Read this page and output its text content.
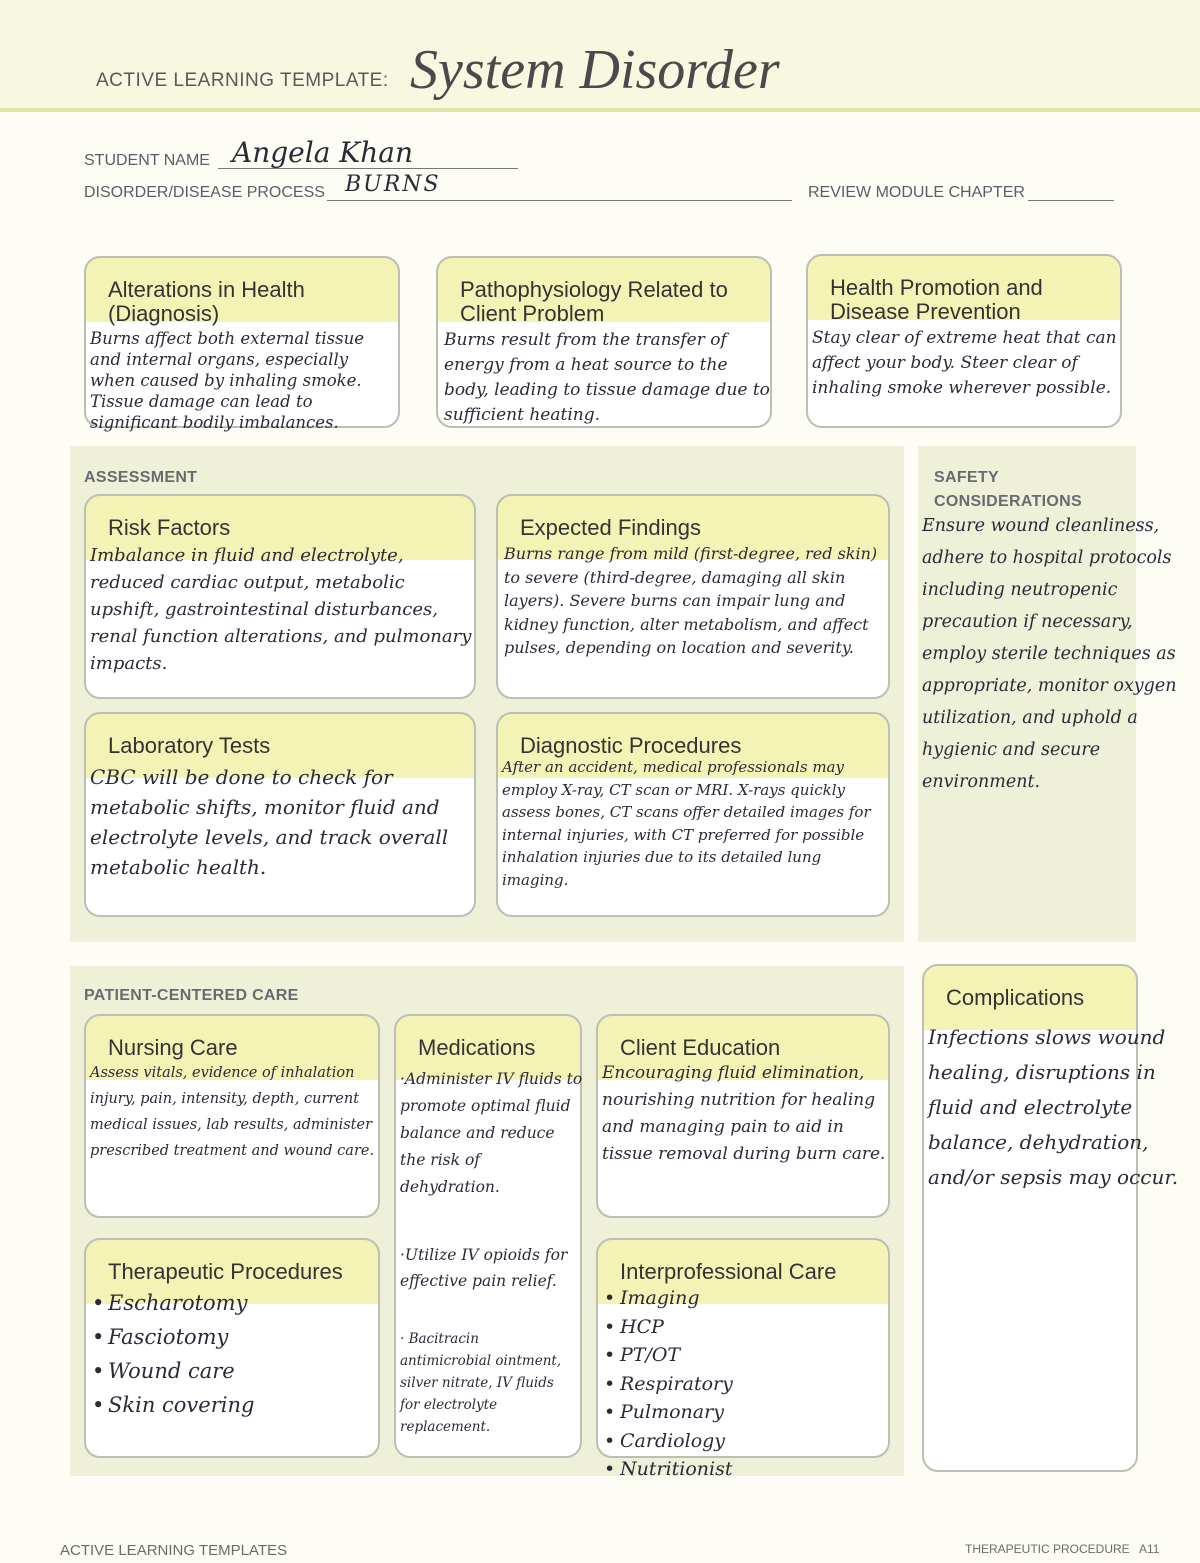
ACTIVE LEARNING TEMPLATE: System Disorder
STUDENT NAME Angela Khan
DISORDER/DISEASE PROCESS BURNS	REVIEW MODULE CHAPTER
Alterations in Health (Diagnosis)
Burns affect both external tissue and internal organs, especially when caused by inhaling smoke. Tissue damage can lead to significant bodily imbalances.
Pathophysiology Related to Client Problem
Burns result from the transfer of energy from a heat source to the body, leading to tissue damage due to sufficient heating.
Health Promotion and Disease Prevention
Stay clear of extreme heat that can affect your body. Steer clear of inhaling smoke wherever possible.
ASSESSMENT
Risk Factors
Imbalance in fluid and electrolyte, reduced cardiac output, metabolic upshift, gastrointestinal disturbances, renal function alterations, and pulmonary impacts.
Expected Findings
Burns range from mild (first-degree, red skin) to severe (third-degree, damaging all skin layers). Severe burns can impair lung and kidney function, alter metabolism, and affect pulses, depending on location and severity.
Laboratory Tests
CBC will be done to check for metabolic shifts, monitor fluid and electrolyte levels, and track overall metabolic health.
Diagnostic Procedures
After an accident, medical professionals may employ X-ray, CT scan or MRI. X-rays quickly assess bones, CT scans offer detailed images for internal injuries, with CT preferred for possible inhalation injuries due to its detailed lung imaging.
SAFETY CONSIDERATIONS
Ensure wound cleanliness, adhere to hospital protocols including neutropenic precaution if necessary, employ sterile techniques as appropriate, monitor oxygen utilization, and uphold a hygienic and secure environment.
PATIENT-CENTERED CARE
Nursing Care
Assess vitals, evidence of inhalation injury, pain, intensity, depth, current medical issues, lab results, administer prescribed treatment and wound care.
Medications
·Administer IV fluids to promote optimal fluid balance and reduce the risk of dehydration.
·Utilize IV opioids for effective pain relief.
· Bacitracin antimicrobial ointment, silver nitrate, IV fluids for electrolyte replacement.
Client Education
Encouraging fluid elimination, nourishing nutrition for healing and managing pain to aid in tissue removal during burn care.
Therapeutic Procedures
• Escharotomy
• Fasciotomy
• Wound care
• Skin covering
Interprofessional Care
• Imaging
• HCP
• PT/OT
• Respiratory
• Pulmonary
• Cardiology
• Nutritionist
Complications
Infections slows wound healing, disruptions in fluid and electrolyte balance, dehydration, and/or sepsis may occur.
ACTIVE LEARNING TEMPLATES	THERAPEUTIC PROCEDURE   A11
